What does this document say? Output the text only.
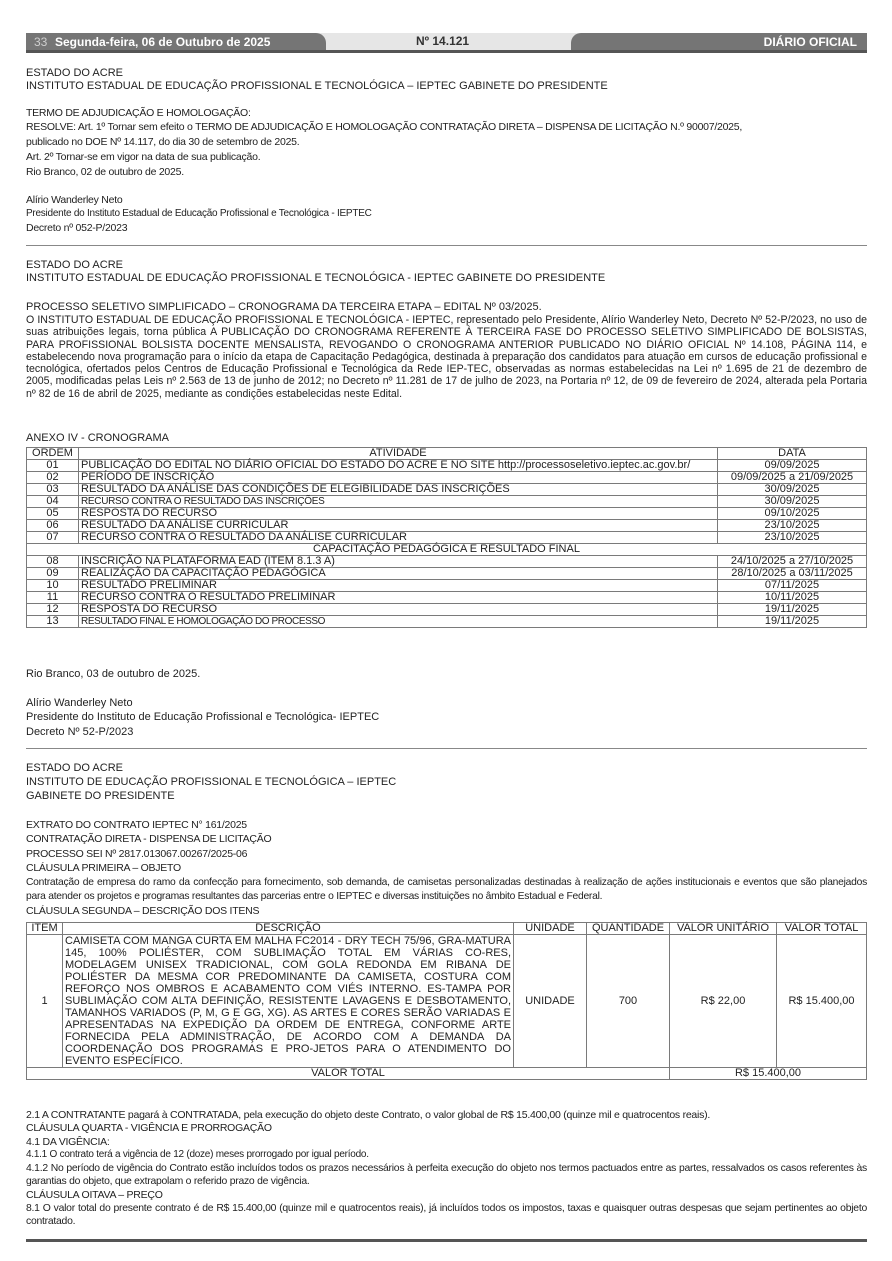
33 Segunda-feira, 06 de Outubro de 2025	Nº 14.121	DIÁRIO OFICIAL
ESTADO DO ACRE
INSTITUTO ESTADUAL DE EDUCAÇÃO PROFISSIONAL E TECNOLÓGICA – IEPTEC GABINETE DO PRESIDENTE
TERMO DE ADJUDICAÇÃO E HOMOLOGAÇÃO:
RESOLVE: Art. 1º Tornar sem efeito o TERMO DE ADJUDICAÇÃO E HOMOLOGAÇÃO CONTRATAÇÃO DIRETA – DISPENSA DE LICITAÇÃO N.º 90007/2025,
publicado no DOE Nº 14.117, do dia 30 de setembro de 2025.
Art. 2º Tornar-se em vigor na data de sua publicação.
Rio Branco, 02 de outubro de 2025.
Alírio Wanderley Neto
Presidente do Instituto Estadual de Educação Profissional e Tecnológica - IEPTEC
Decreto nº 052-P/2023
ESTADO DO ACRE
INSTITUTO ESTADUAL DE EDUCAÇÃO PROFISSIONAL E TECNOLÓGICA - IEPTEC GABINETE DO PRESIDENTE
PROCESSO SELETIVO SIMPLIFICADO – CRONOGRAMA DA TERCEIRA ETAPA – EDITAL Nº 03/2025.
O INSTITUTO ESTADUAL DE EDUCAÇÃO PROFISSIONAL E TECNOLÓGICA - IEPTEC, representado pelo Presidente, Alírio Wanderley Neto, Decreto Nº 52-P/2023, no uso de suas atribuições legais, torna pública A PUBLICAÇÃO DO CRONOGRAMA REFERENTE À TERCEIRA FASE DO PROCESSO SELETIVO SIMPLIFICADO DE BOLSISTAS, PARA PROFISSIONAL BOLSISTA DOCENTE MENSALISTA, REVOGANDO O CRONOGRAMA ANTERIOR PUBLICADO NO DIÁRIO OFICIAL Nº 14.108, PÁGINA 114, e estabelecendo nova programação para o início da etapa de Capacitação Pedagógica, destinada à preparação dos candidatos para atuação em cursos de educação profissional e tecnológica, ofertados pelos Centros de Educação Profissional e Tecnológica da Rede IEP-TEC, observadas as normas estabelecidas na Lei nº 1.695 de 21 de dezembro de 2005, modificadas pelas Leis nº 2.563 de 13 de junho de 2012; no Decreto nº 11.281 de 17 de julho de 2023, na Portaria nº 12, de 09 de fevereiro de 2024, alterada pela Portaria nº 82 de 16 de abril de 2025, mediante as condições estabelecidas neste Edital.
ANEXO IV - CRONOGRAMA
ORDEM	ATIVIDADE	DATA
01	PUBLICAÇÃO DO EDITAL NO DIÁRIO OFICIAL DO ESTADO DO ACRE E NO SITE http://processoseletivo.ieptec.ac.gov.br/	09/09/2025
02	PERÍODO DE INSCRIÇÃO	09/09/2025 a 21/09/2025
03	RESULTADO DA ANÁLISE DAS CONDIÇÕES DE ELEGIBILIDADE DAS INSCRIÇÕES	30/09/2025
04	RECURSO CONTRA O RESULTADO DAS INSCRIÇÕES	30/09/2025
05	RESPOSTA DO RECURSO	09/10/2025
06	RESULTADO DA ANÁLISE CURRICULAR	23/10/2025
07	RECURSO CONTRA O RESULTADO DA ANÁLISE CURRICULAR	23/10/2025
CAPACITAÇÃO PEDAGÓGICA E RESULTADO FINAL		
08	INSCRIÇÃO NA PLATAFORMA EAD (ITEM 8.1.3 A)	24/10/2025 a 27/10/2025
09	REALIZAÇÃO DA CAPACITAÇÃO PEDAGÓGICA	28/10/2025 a 03/11/2025
10	RESULTADO PRELIMINAR	07/11/2025
11	RECURSO CONTRA O RESULTADO PRELIMINAR	10/11/2025
12	RESPOSTA DO RECURSO	19/11/2025
13	RESULTADO FINAL E HOMOLOGAÇÃO DO PROCESSO	19/11/2025
Rio Branco, 03 de outubro de 2025.
Alírio Wanderley Neto
Presidente do Instituto de Educação Profissional e Tecnológica- IEPTEC
Decreto Nº 52-P/2023
ESTADO DO ACRE
INSTITUTO DE EDUCAÇÃO PROFISSIONAL E TECNOLÓGICA – IEPTEC
GABINETE DO PRESIDENTE
EXTRATO DO CONTRATO IEPTEC N° 161/2025
CONTRATAÇÃO DIRETA - DISPENSA DE LICITAÇÃO
PROCESSO SEI Nº 2817.013067.00267/2025-06
CLÁUSULA PRIMEIRA – OBJETO
Contratação de empresa do ramo da confecção para fornecimento, sob demanda, de camisetas personalizadas destinadas à realização de ações institucionais e eventos que são planejados para atender os projetos e programas resultantes das parcerias entre o IEPTEC e diversas instituições no âmbito Estadual e Federal.
CLÁUSULA SEGUNDA – DESCRIÇÃO DOS ITENS
ITEM	DESCRIÇÃO	UNIDADE	QUANTIDADE	VALOR UNITÁRIO	VALOR TOTAL
1	CAMISETA COM MANGA CURTA EM MALHA FC2014 - DRY TECH 75/96, GRA-MATURA 145, 100% POLIÉSTER, COM SUBLIMAÇÃO TOTAL EM VÁRIAS CO-RES, MODELAGEM UNISEX TRADICIONAL, COM GOLA REDONDA EM RIBANA DE POLIÉSTER DA MESMA COR PREDOMINANTE DA CAMISETA, COSTURA COM REFORÇO NOS OMBROS E ACABAMENTO COM VIÉS INTERNO. ES-TAMPA POR SUBLIMAÇÃO COM ALTA DEFINIÇÃO, RESISTENTE LAVAGENS E DESBOTAMENTO, TAMANHOS VARIADOS (P, M, G E GG, XG). AS ARTES E CORES SERÃO VARIADAS E APRESENTADAS NA EXPEDIÇÃO DA ORDEM DE ENTREGA, CONFORME ARTE FORNECIDA PELA ADMINISTRAÇÃO, DE ACORDO COM A DEMANDA DA COORDENAÇÃO DOS PROGRAMAS E PRO-JETOS PARA O ATENDIMENTO DO EVENTO ESPECÍFICO.	UNIDADE	700	R$ 22,00	R$ 15.400,00
VALOR TOTAL				R$ 15.400,00	
2.1 A CONTRATANTE pagará à CONTRATADA, pela execução do objeto deste Contrato, o valor global de R$ 15.400,00 (quinze mil e quatrocentos reais).
CLÁUSULA QUARTA - VIGÊNCIA E PRORROGAÇÃO
4.1 DA VIGÊNCIA:
4.1.1 O contrato terá a vigência de 12 (doze) meses prorrogado por igual período.
4.1.2 No período de vigência do Contrato estão incluídos todos os prazos necessários à perfeita execução do objeto nos termos pactuados entre as partes, ressalvados os casos referentes às garantias do objeto, que extrapolam o referido prazo de vigência.
CLÁUSULA OITAVA – PREÇO
8.1 O valor total do presente contrato é de R$ 15.400,00 (quinze mil e quatrocentos reais), já incluídos todos os impostos, taxas e quaisquer outras despesas que sejam pertinentes ao objeto contratado.
